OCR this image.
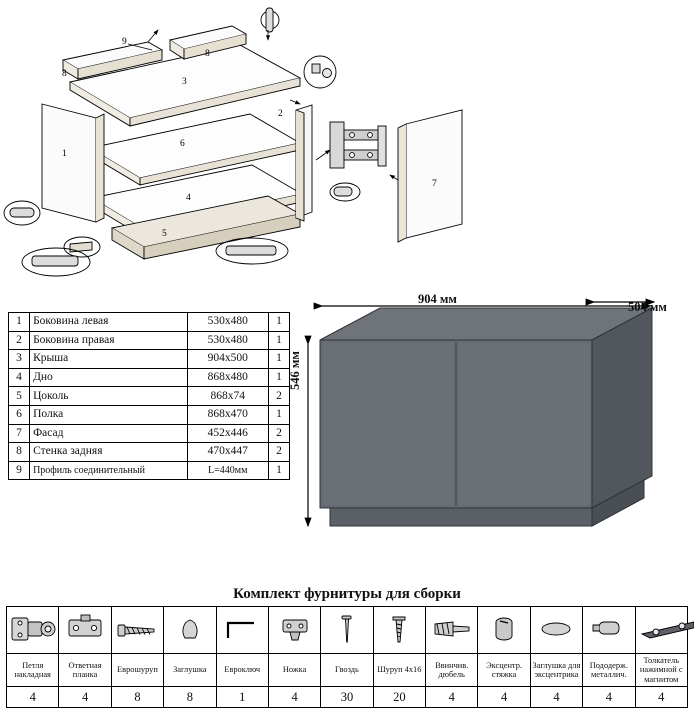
8
8
9
3
1
6
2
4
5
7
1	Боковина левая	530х480	1
2	Боковина правая	530х480	1
3	Крыша	904х500	1
4	Дно	868х480	1
5	Цоколь	868х74	2
6	Полка	868х470	1
7	Фасад	452х446	2
8	Стенка задняя	470х447	2
9	Профиль соединительный	L=440мм	1
904 мм
504 мм
546 мм
Комплект фурнитуры для сборки

Петля накладная	Ответная планка	Еврошуруп	Заглушка	Евроключ	Ножка	Гвоздь	Шуруп 4х16	Ввинчив. дюбель	Эксцентр. стяжка	Заглушка для эксцентрика	Пододерж. металлич.	Толкатель нажимной с магнитом
4	4	8	8	1	4	30	20	4	4	4	4	4
